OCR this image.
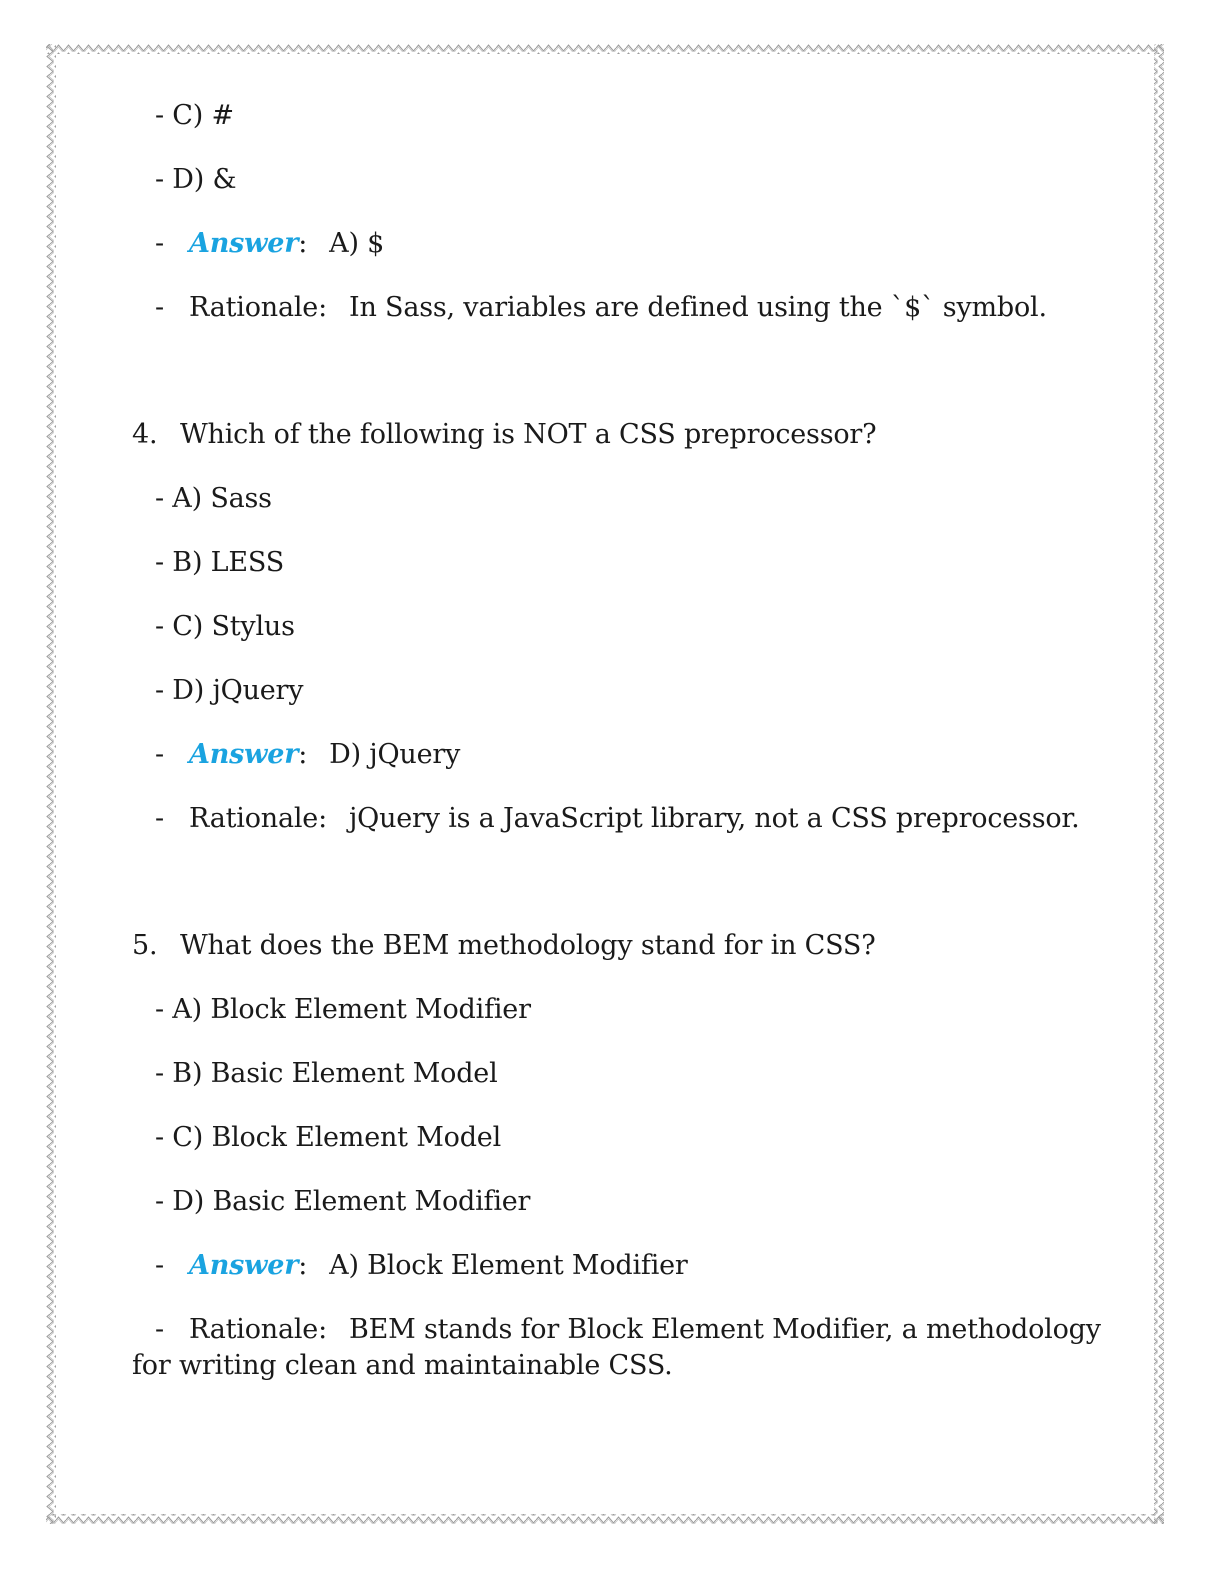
- C) #
- D) &
- Answer: A) $
- Rationale: In Sass, variables are defined using the `$` symbol.
4. Which of the following is NOT a CSS preprocessor?
- A) Sass
- B) LESS
- C) Stylus
- D) jQuery
- Answer: D) jQuery
- Rationale: jQuery is a JavaScript library, not a CSS preprocessor.
5. What does the BEM methodology stand for in CSS?
- A) Block Element Modifier
- B) Basic Element Model
- C) Block Element Model
- D) Basic Element Modifier
- Answer: A) Block Element Modifier
- Rationale: BEM stands for Block Element Modifier, a methodology
for writing clean and maintainable CSS.
